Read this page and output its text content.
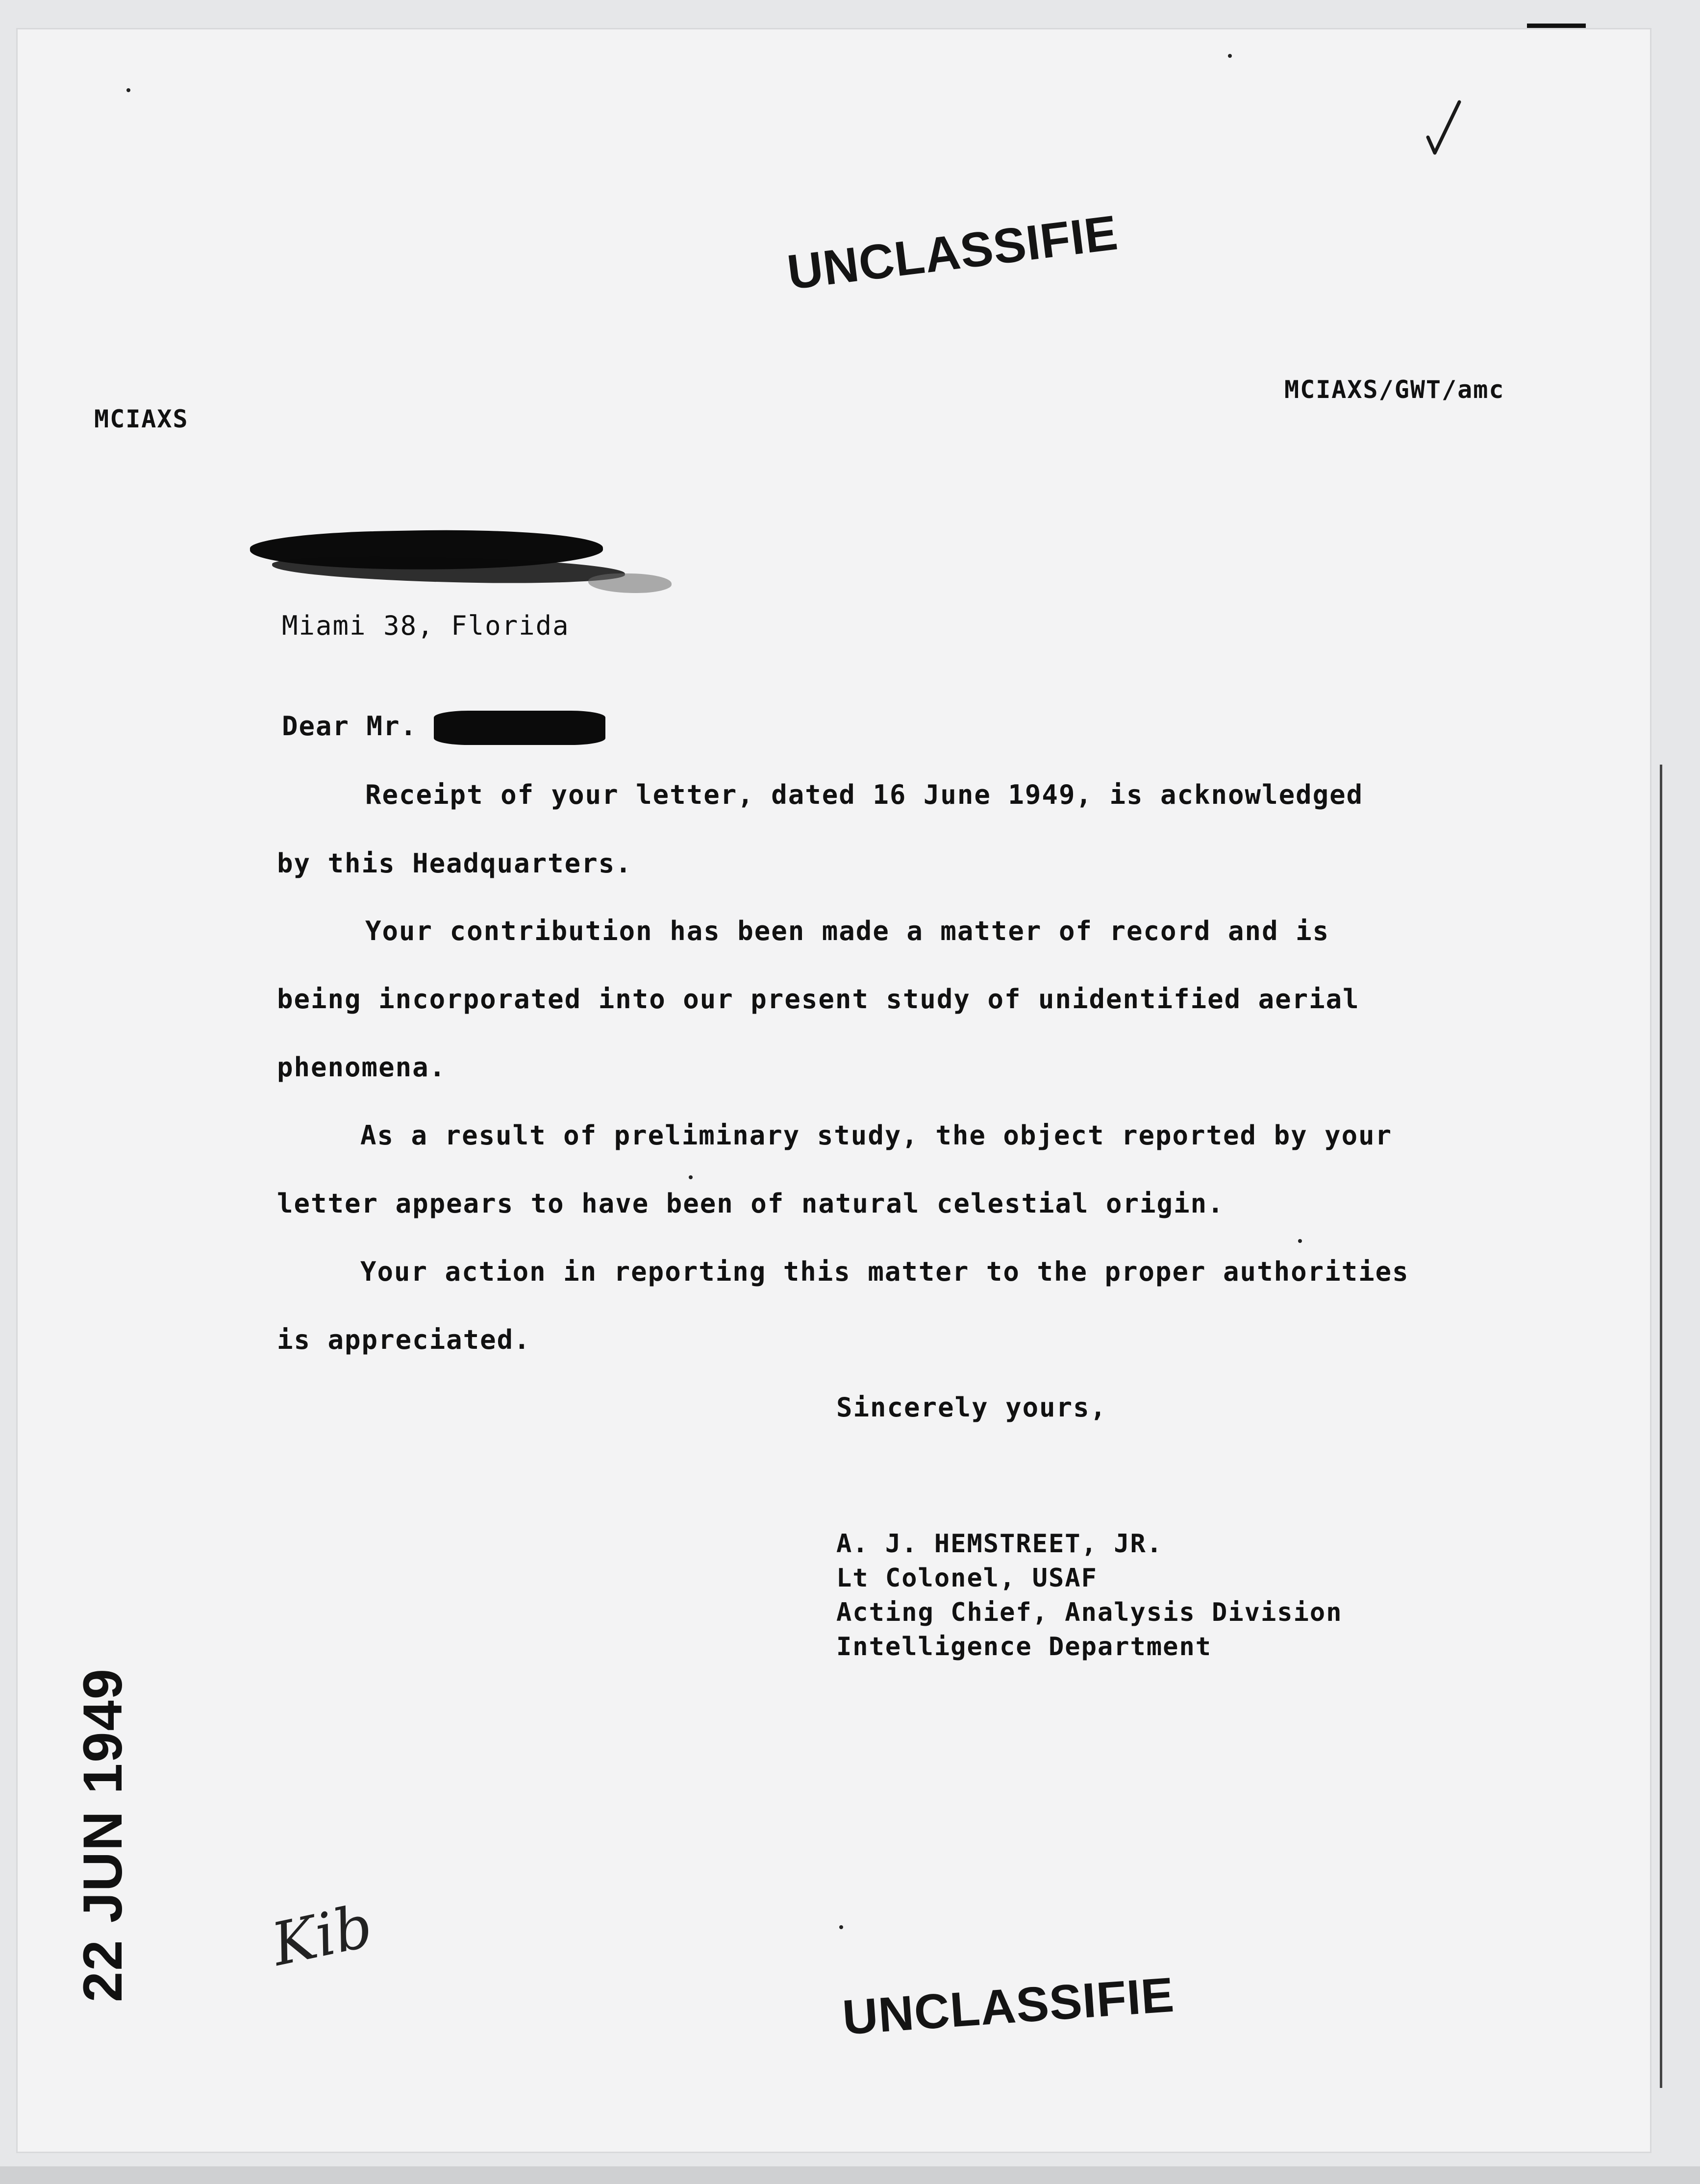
UNCLASSIFIE
MCIAXS
MCIAXS/GWT/amc
Miami 38, Florida
Dear Mr.
Receipt of your letter, dated 16 June 1949, is acknowledged
by this Headquarters.
Your contribution has been made a matter of record and is
being incorporated into our present study of unidentified aerial
phenomena.
As a result of preliminary study, the object reported by your
letter appears to have been of natural celestial origin.
Your action in reporting this matter to the proper authorities
is appreciated.
Sincerely yours,
A. J. HEMSTREET, JR.
Lt Colonel, USAF
Acting Chief, Analysis Division
Intelligence Department
22 JUN 1949 Kib
UNCLASSIFIE
